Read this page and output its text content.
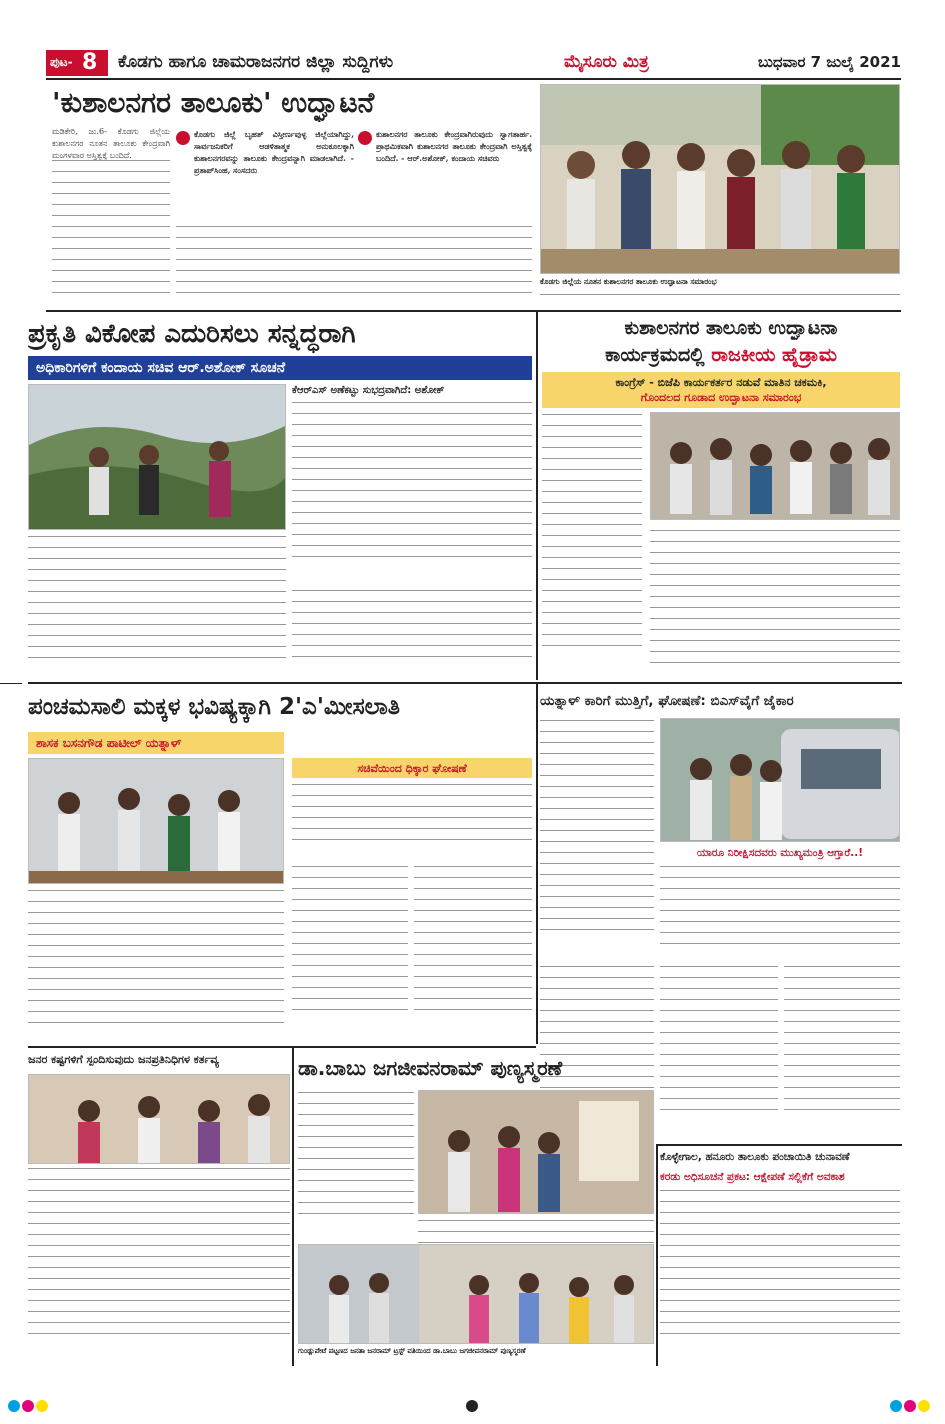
ಪುಟ- 8 ಕೊಡಗು ಹಾಗೂ ಚಾಮರಾಜನಗರ ಜಿಲ್ಲಾ ಸುದ್ದಿಗಳು	ಮೈಸೂರು ಮಿತ್ರ	ಬುಧವಾರ 7 ಜುಲೈ 2021
'ಕುಶಾಲನಗರ ತಾಲೂಕು' ಉದ್ಘಾಟನೆ
ಕೊಡಗು ಜಿಲ್ಲೆಯ ನೂತನ ಕುಶಾಲನಗರ ತಾಲೂಕು ಉದ್ಘಾಟನಾ ಸಮಾರಂಭ
ಮಡಿಕೇರಿ, ಜು.6- ಕೊಡಗು ಜಿಲ್ಲೆಯ ಕುಶಾಲನಗರ ನೂತನ ತಾಲೂಕು ಕೇಂದ್ರವಾಗಿ ಮಂಗಳವಾರ ಅಸ್ತಿತ್ವಕ್ಕೆ ಬಂದಿದೆ.
ಕೊಡಗು ಜಿಲ್ಲೆ ಬೃಹತ್ ವಿಸ್ತೀರ್ಣವುಳ್ಳ ಜಿಲ್ಲೆಯಾಗಿದ್ದು, ಸಾರ್ವಜನಿಕರಿಗೆ ಆಡಳಿತಾತ್ಮಕ ಅನುಕೂಲಕ್ಕಾಗಿ ಕುಶಾಲನಗರವನ್ನು ತಾಲೂಕು ಕೇಂದ್ರವನ್ನಾಗಿ ಮಾಡಲಾಗಿದೆ. - ಪ್ರತಾಪ್‌ಸಿಂಹ, ಸಂಸದರು
ಕುಶಾಲನಗರ ತಾಲೂಕು ಕೇಂದ್ರವಾಗಿರುವುದು ಸ್ವಾಗತಾರ್ಹ. ಪ್ರಾಥಮಿಕವಾಗಿ ಕುಶಾಲನಗರ ತಾಲೂಕು ಕೇಂದ್ರವಾಗಿ ಅಸ್ತಿತ್ವಕ್ಕೆ ಬಂದಿದೆ. - ಆರ್.ಅಶೋಕ್, ಕಂದಾಯ ಸಚಿವರು
ಪ್ರಕೃತಿ ವಿಕೋಪ ಎದುರಿಸಲು ಸನ್ನದ್ಧರಾಗಿ
ಅಧಿಕಾರಿಗಳಿಗೆ ಕಂದಾಯ ಸಚಿವ ಆರ್.ಅಶೋಕ್ ಸೂಚನೆ
ಕೆಆರ್‌ಎಸ್ ಅಣೆಕಟ್ಟು ಸುಭದ್ರವಾಗಿದೆ: ಅಶೋಕ್
ಕುಶಾಲನಗರ ತಾಲೂಕು ಉದ್ಘಾಟನಾ
ಕಾರ್ಯಕ್ರಮದಲ್ಲಿ ರಾಜಕೀಯ ಹೈಡ್ರಾಮ
ಕಾಂಗ್ರೆಸ್ - ಬಿಜೆಪಿ ಕಾರ್ಯಕರ್ತರ ನಡುವೆ ಮಾತಿನ ಚಕಮಕಿ,
ಗೊಂದಲದ ಗೂಡಾದ ಉದ್ಘಾಟನಾ ಸಮಾರಂಭ
ಪಂಚಮಸಾಲಿ ಮಕ್ಕಳ ಭವಿಷ್ಯಕ್ಕಾಗಿ 2'ಎ'ಮೀಸಲಾತಿ
ಶಾಸಕ ಬಸನಗೌಡ ಪಾಟೀಲ್ ಯತ್ನಾಳ್
ಸಚಿವೆಯಿಂದ ಧಿಕ್ಕಾರ ಘೋಷಣೆ
ಯತ್ನಾಳ್ ಕಾರಿಗೆ ಮುತ್ತಿಗೆ, ಘೋಷಣೆ: ಬಿಎಸ್‌ವೈಗೆ ಜೈಕಾರ
ಯಾರೂ ನಿರೀಕ್ಷಿಸದವರು ಮುಖ್ಯಮಂತ್ರಿ ಆಗ್ತಾರೆ..!
ಜನರ ಕಷ್ಟಗಳಿಗೆ ಸ್ಪಂದಿಸುವುದು ಜನಪ್ರತಿನಿಧಿಗಳ ಕರ್ತವ್ಯ	ಡಾ.ಬಾಬು ಜಗಜೀವನರಾಮ್ ಪುಣ್ಯಸ್ಮರಣೆ
ಗುಂಡ್ಲುಪೇಟೆ ಪಟ್ಟಣದ ಜನತಾ ಜನರಾಮ್ ಟ್ರಸ್ಟ್ ವತಿಯಿಂದ ಡಾ.ಬಾಬು ಜಗಜೀವನರಾಮ್ ಪುಣ್ಯಸ್ಮರಣೆ
ಕೊಳ್ಳೇಗಾಲ, ಹನೂರು ತಾಲೂಕು ಪಂಚಾಯಿತಿ ಚುನಾವಣೆ
ಕರಡು ಅಧಿಸೂಚನೆ ಪ್ರಕಟ: ಆಕ್ಷೇಪಣೆ ಸಲ್ಲಿಕೆಗೆ ಅವಕಾಶ
